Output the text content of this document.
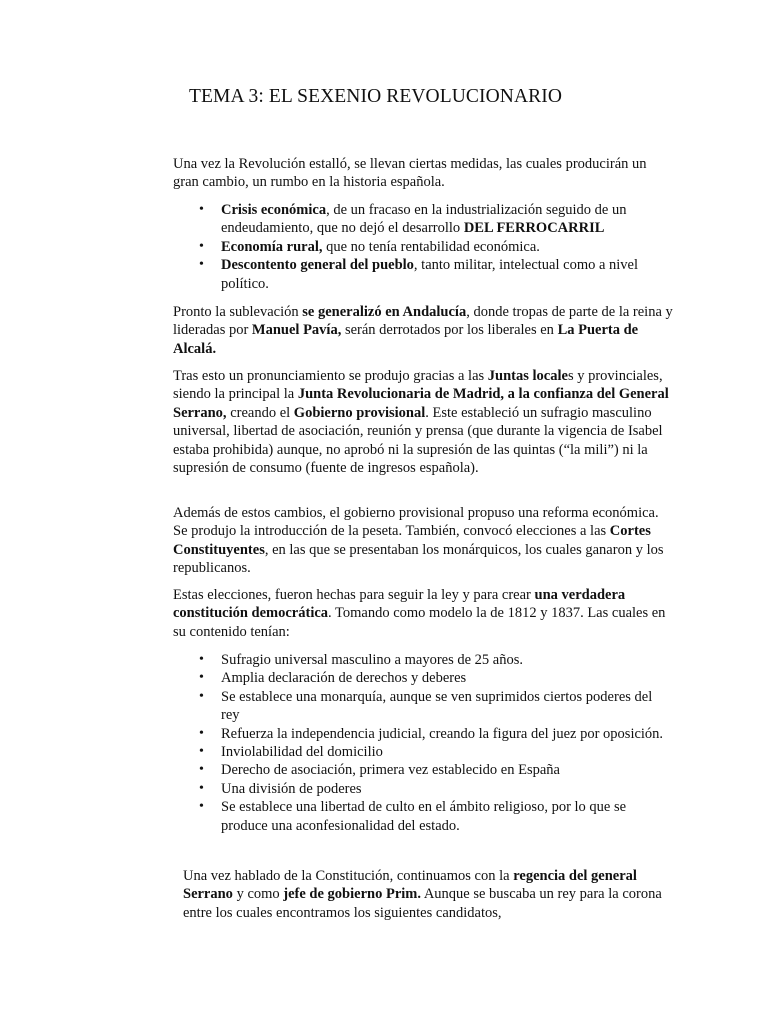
TEMA 3: EL SEXENIO REVOLUCIONARIO

Una vez la Revolución estalló, se llevan ciertas medidas, las cuales producirán un gran cambio, un rumbo en la historia española.

• Crisis económica, de un fracaso en la industrialización seguido de un endeudamiento, que no dejó el desarrollo DEL FERROCARRIL
• Economía rural, que no tenía rentabilidad económica.
• Descontento general del pueblo, tanto militar, intelectual como a nivel político.

Pronto la sublevación se generalizó en Andalucía, donde tropas de parte de la reina y lideradas por Manuel Pavía, serán derrotados por los liberales en La Puerta de Alcalá.

Tras esto un pronunciamiento se produjo gracias a las Juntas locales y provinciales, siendo la principal la Junta Revolucionaria de Madrid, a la confianza del General Serrano, creando el Gobierno provisional. Este estableció un sufragio masculino universal, libertad de asociación, reunión y prensa (que durante la vigencia de Isabel estaba prohibida) aunque, no aprobó ni la supresión de las quintas (“la mili”) ni la supresión de consumo (fuente de ingresos española).

Además de estos cambios, el gobierno provisional propuso una reforma económica. Se produjo la introducción de la peseta. También, convocó elecciones a las Cortes Constituyentes, en las que se presentaban los monárquicos, los cuales ganaron y los republicanos.

Estas elecciones, fueron hechas para seguir la ley y para crear una verdadera constitución democrática. Tomando como modelo la de 1812 y 1837. Las cuales en su contenido tenían:

• Sufragio universal masculino a mayores de 25 años.
• Amplia declaración de derechos y deberes
• Se establece una monarquía, aunque se ven suprimidos ciertos poderes del rey
• Refuerza la independencia judicial, creando la figura del juez por oposición.
• Inviolabilidad del domicilio
• Derecho de asociación, primera vez establecido en España
• Una división de poderes
• Se establece una libertad de culto en el ámbito religioso, por lo que se produce una aconfesionalidad del estado.

Una vez hablado de la Constitución, continuamos con la regencia del general Serrano y como jefe de gobierno Prim. Aunque se buscaba un rey para la corona entre los cuales encontramos los siguientes candidatos,
